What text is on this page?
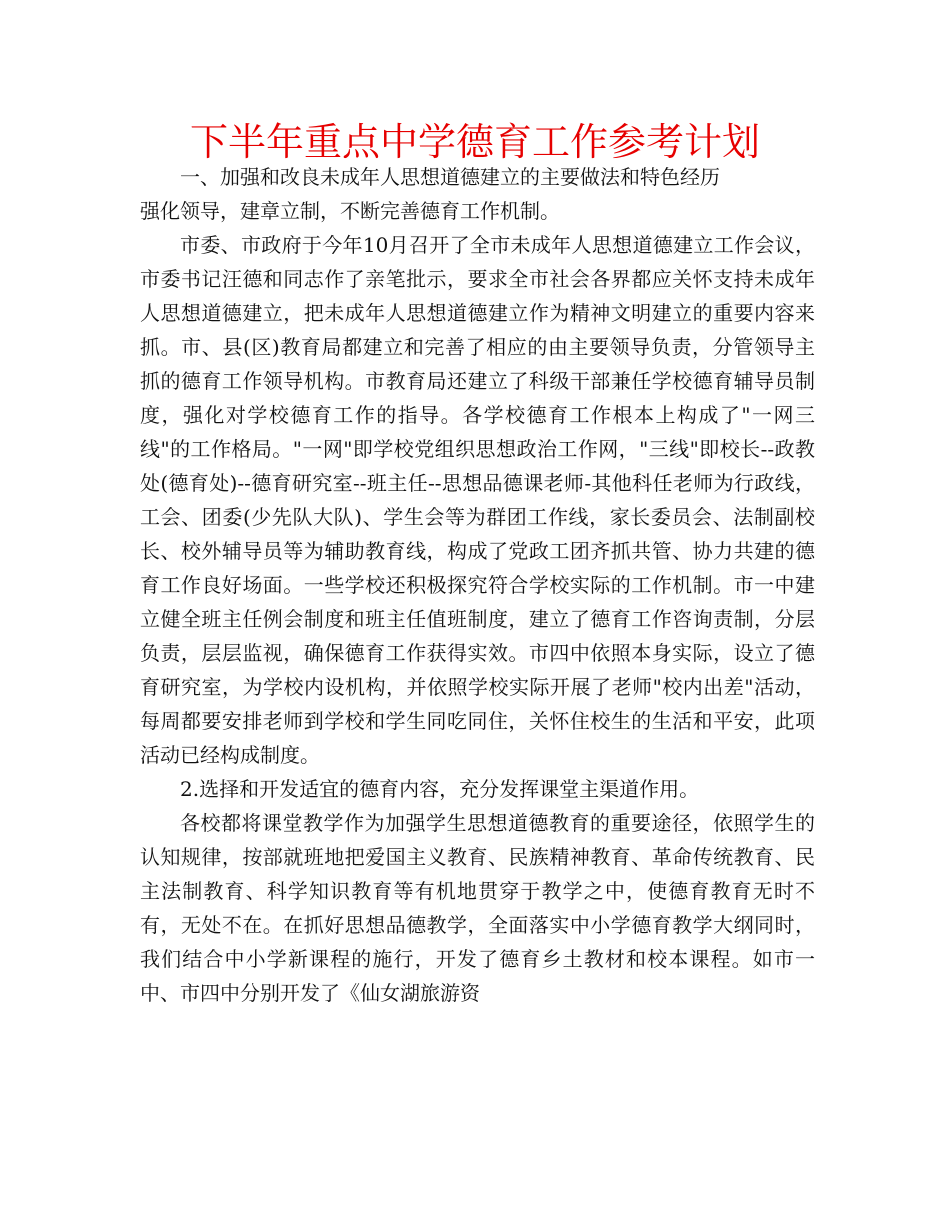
下半年重点中学德育工作参考计划

一、加强和改良未成年人思想道德建立的主要做法和特色经历

强化领导，建章立制，不断完善德育工作机制。

市委、市政府于今年10月召开了全市未成年人思想道德建立工作会议，市委书记汪德和同志作了亲笔批示，要求全市社会各界都应关怀支持未成年人思想道德建立，把未成年人思想道德建立作为精神文明建立的重要内容来抓。市、县(区)教育局都建立和完善了相应的由主要领导负责，分管领导主抓的德育工作领导机构。市教育局还建立了科级干部兼任学校德育辅导员制度，强化对学校德育工作的指导。各学校德育工作根本上构成了"一网三线"的工作格局。"一网"即学校党组织思想政治工作网，"三线"即校长--政教处(德育处)--德育研究室--班主任--思想品德课老师-其他科任老师为行政线，工会、团委(少先队大队)、学生会等为群团工作线，家长委员会、法制副校长、校外辅导员等为辅助教育线，构成了党政工团齐抓共管、协力共建的德育工作良好场面。一些学校还积极探究符合学校实际的工作机制。市一中建立健全班主任例会制度和班主任值班制度，建立了德育工作咨询责制，分层负责，层层监视，确保德育工作获得实效。市四中依照本身实际，设立了德育研究室，为学校内设机构，并依照学校实际开展了老师"校内出差"活动，每周都要安排老师到学校和学生同吃同住，关怀住校生的生活和平安，此项活动已经构成制度。

2.选择和开发适宜的德育内容，充分发挥课堂主渠道作用。

各校都将课堂教学作为加强学生思想道德教育的重要途径，依照学生的认知规律，按部就班地把爱国主义教育、民族精神教育、革命传统教育、民主法制教育、科学知识教育等有机地贯穿于教学之中，使德育教育无时不有，无处不在。在抓好思想品德教学，全面落实中小学德育教学大纲同时，我们结合中小学新课程的施行，开发了德育乡土教材和校本课程。如市一中、市四中分别开发了《仙女湖旅游资
